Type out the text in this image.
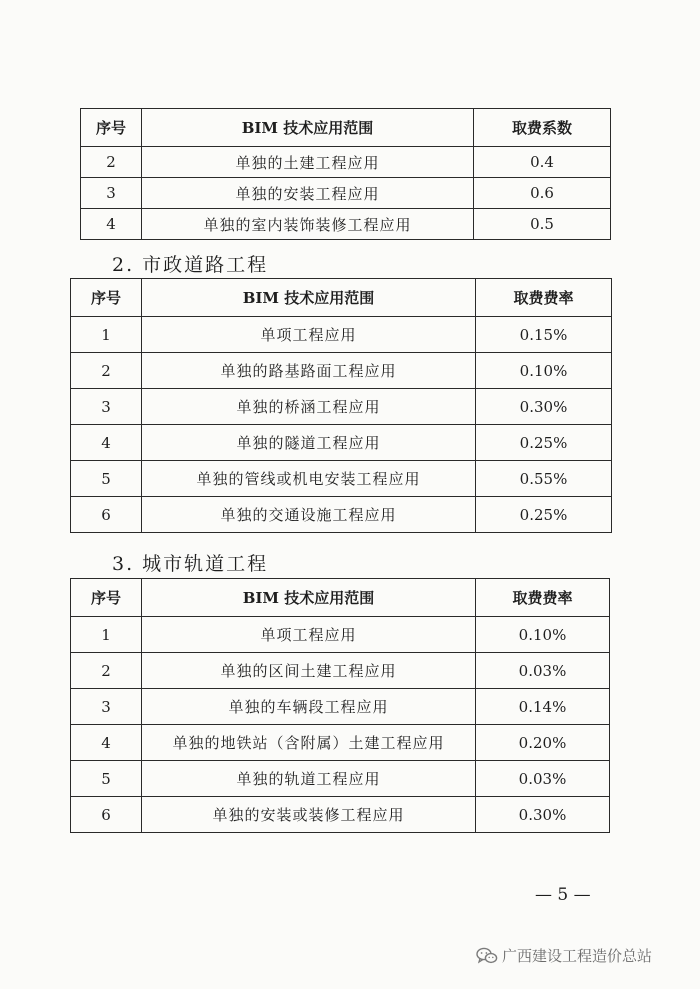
序号	BIM 技术应用范围	取费系数
2	单独的土建工程应用	0.4
3	单独的安装工程应用	0.6
4	单独的室内装饰装修工程应用	0.5
2. 市政道路工程
序号	BIM 技术应用范围	取费费率
1	单项工程应用	0.15%
2	单独的路基路面工程应用	0.10%
3	单独的桥涵工程应用	0.30%
4	单独的隧道工程应用	0.25%
5	单独的管线或机电安装工程应用	0.55%
6	单独的交通设施工程应用	0.25%
3. 城市轨道工程
序号	BIM 技术应用范围	取费费率
1	单项工程应用	0.10%
2	单独的区间土建工程应用	0.03%
3	单独的车辆段工程应用	0.14%
4	单独的地铁站（含附属）土建工程应用	0.20%
5	单独的轨道工程应用	0.03%
6	单独的安装或装修工程应用	0.30%
— 5 —
广西建设工程造价总站
